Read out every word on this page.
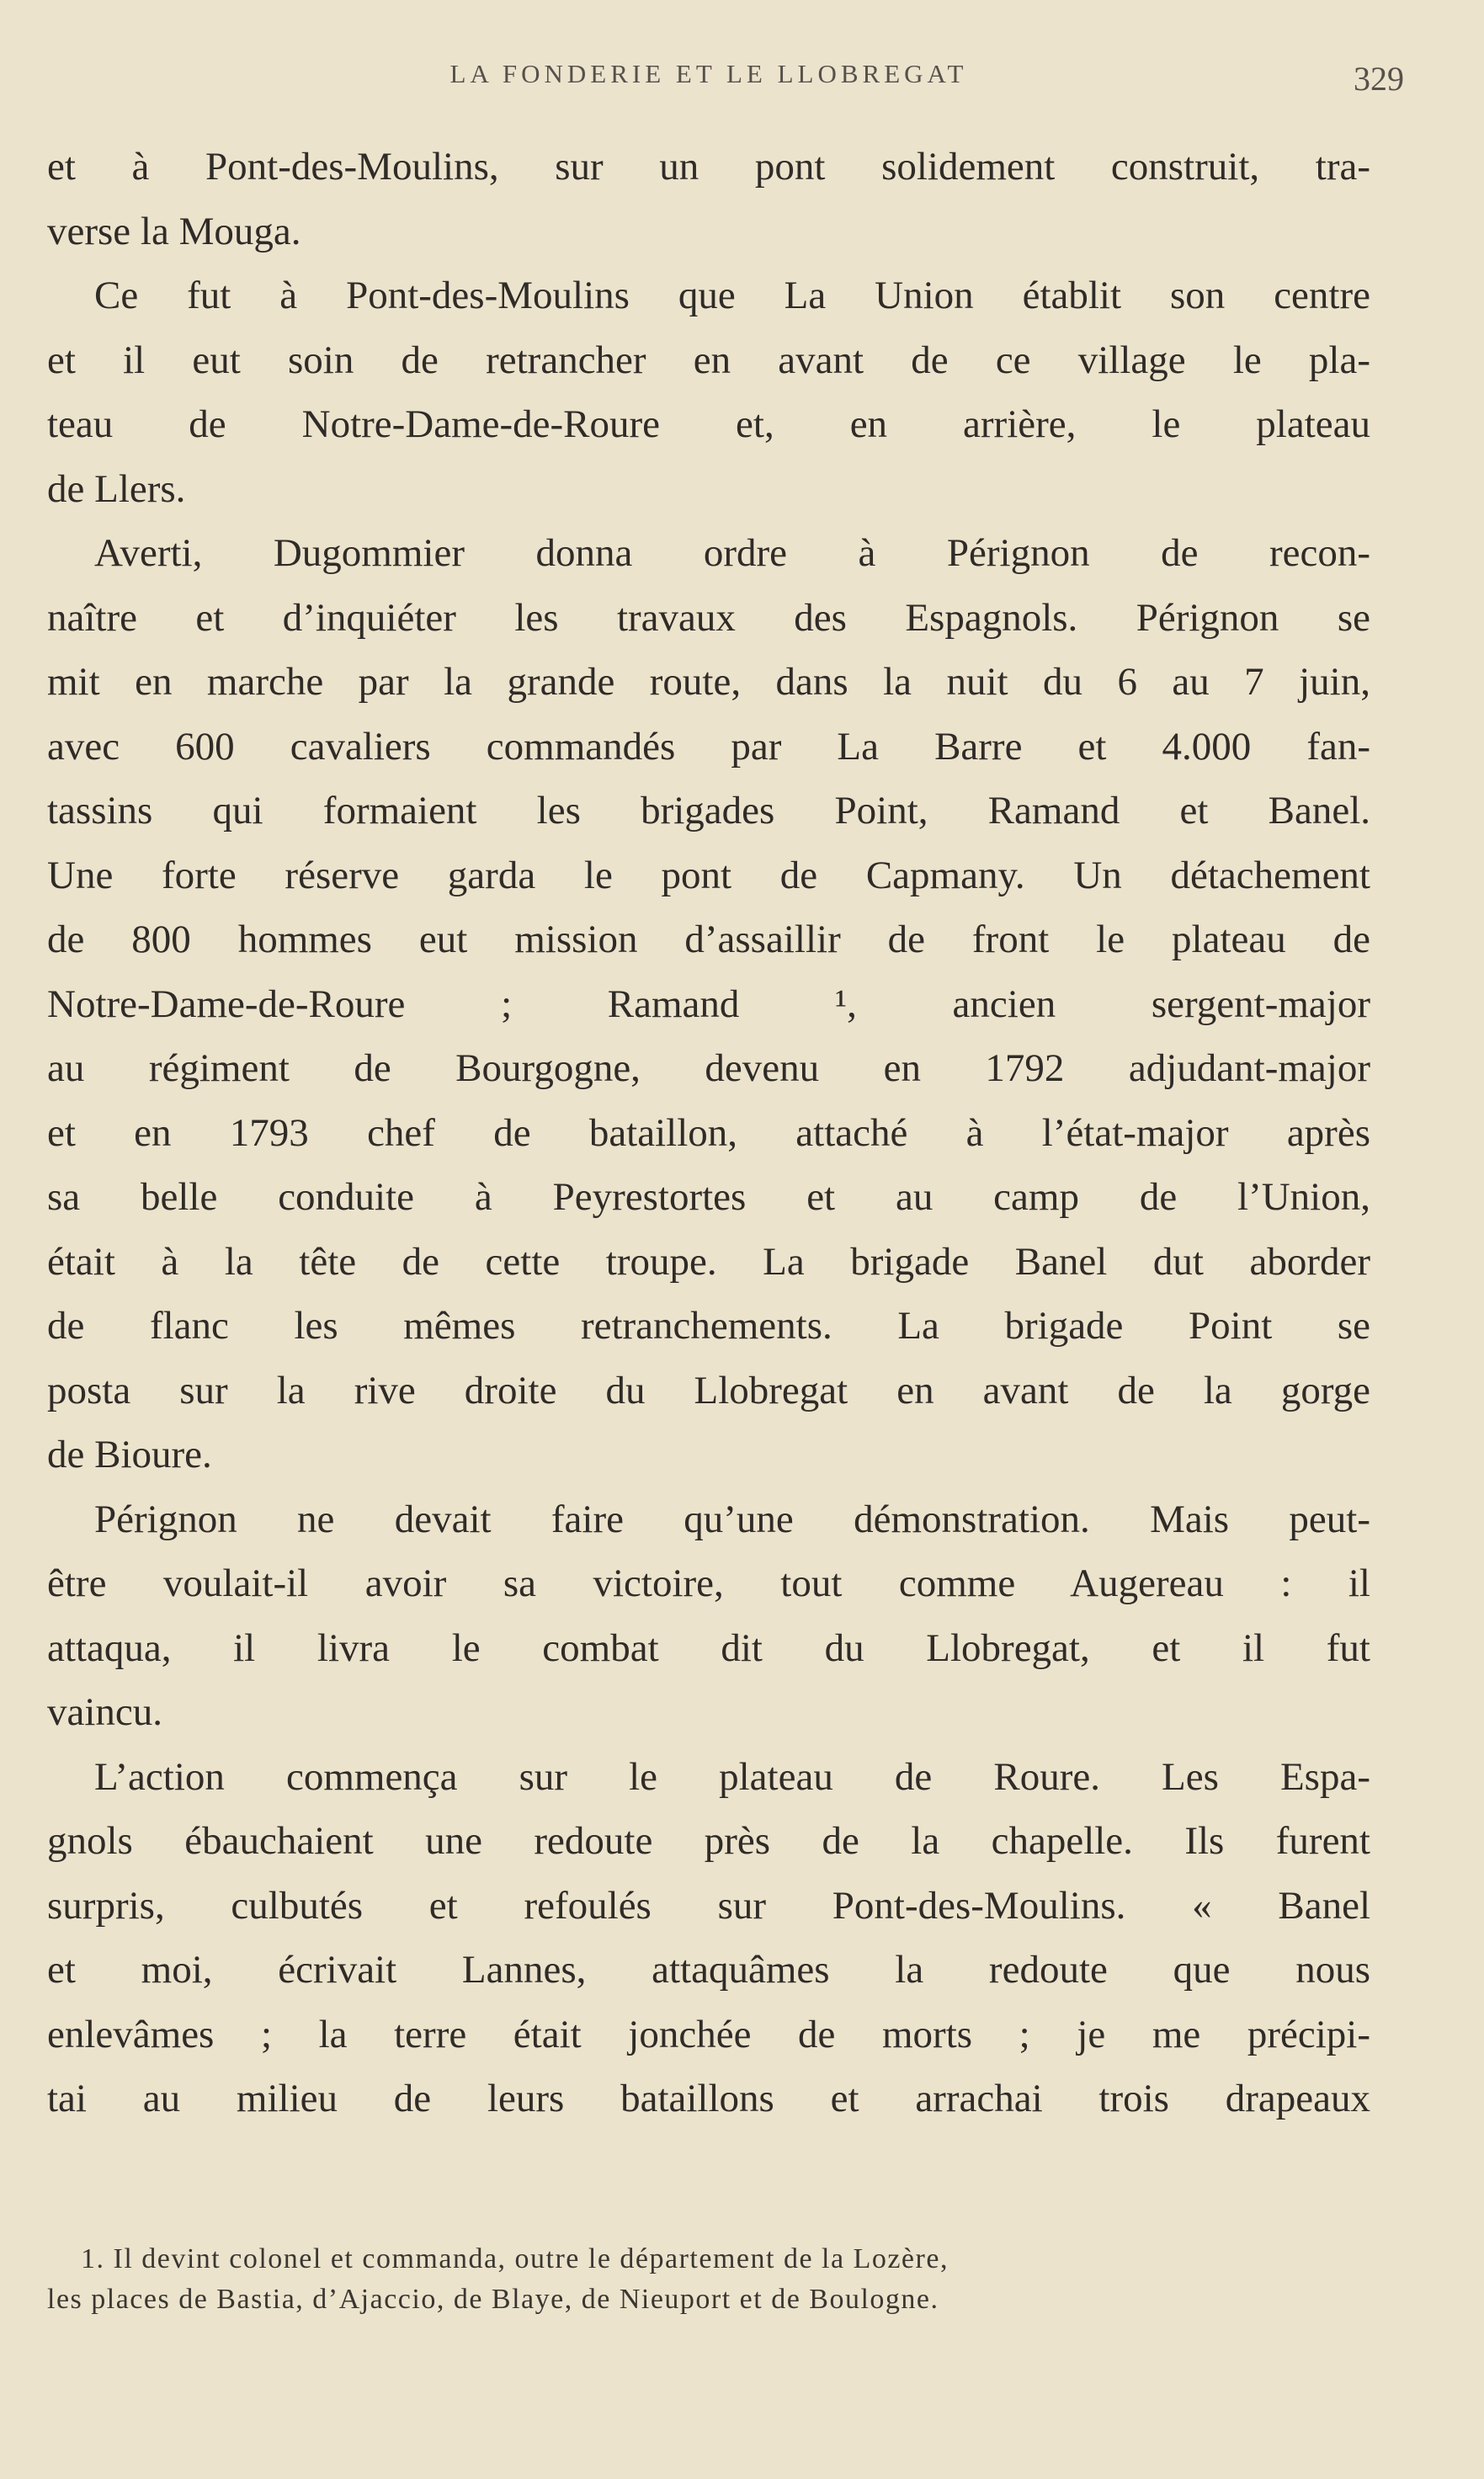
LA FONDERIE ET LE LLOBREGAT	329
et à Pont-des-Moulins, sur un pont solidement construit, tra-
verse la Mouga.
Ce fut à Pont-des-Moulins que La Union établit son centre
et il eut soin de retrancher en avant de ce village le pla-
teau de Notre-Dame-de-Roure et, en arrière, le plateau
de Llers.
Averti, Dugommier donna ordre à Pérignon de recon-
naître et d’inquiéter les travaux des Espagnols. Pérignon se
mit en marche par la grande route, dans la nuit du 6 au 7 juin,
avec 600 cavaliers commandés par La Barre et 4.000 fan-
tassins qui formaient les brigades Point, Ramand et Banel.
Une forte réserve garda le pont de Capmany. Un détachement
de 800 hommes eut mission d’assaillir de front le plateau de
Notre-Dame-de-Roure ; Ramand ¹, ancien sergent-major
au régiment de Bourgogne, devenu en 1792 adjudant-major
et en 1793 chef de bataillon, attaché à l’état-major après
sa belle conduite à Peyrestortes et au camp de l’Union,
était à la tête de cette troupe. La brigade Banel dut aborder
de flanc les mêmes retranchements. La brigade Point se
posta sur la rive droite du Llobregat en avant de la gorge
de Bioure.
Pérignon ne devait faire qu’une démonstration. Mais peut-
être voulait-il avoir sa victoire, tout comme Augereau : il
attaqua, il livra le combat dit du Llobregat, et il fut
vaincu.
L’action commença sur le plateau de Roure. Les Espa-
gnols ébauchaient une redoute près de la chapelle. Ils furent
surpris, culbutés et refoulés sur Pont-des-Moulins. « Banel
et moi, écrivait Lannes, attaquâmes la redoute que nous
enlevâmes ; la terre était jonchée de morts ; je me précipi-
tai au milieu de leurs bataillons et arrachai trois drapeaux
1. Il devint colonel et commanda, outre le département de la Lozère,
les places de Bastia, d’Ajaccio, de Blaye, de Nieuport et de Boulogne.
